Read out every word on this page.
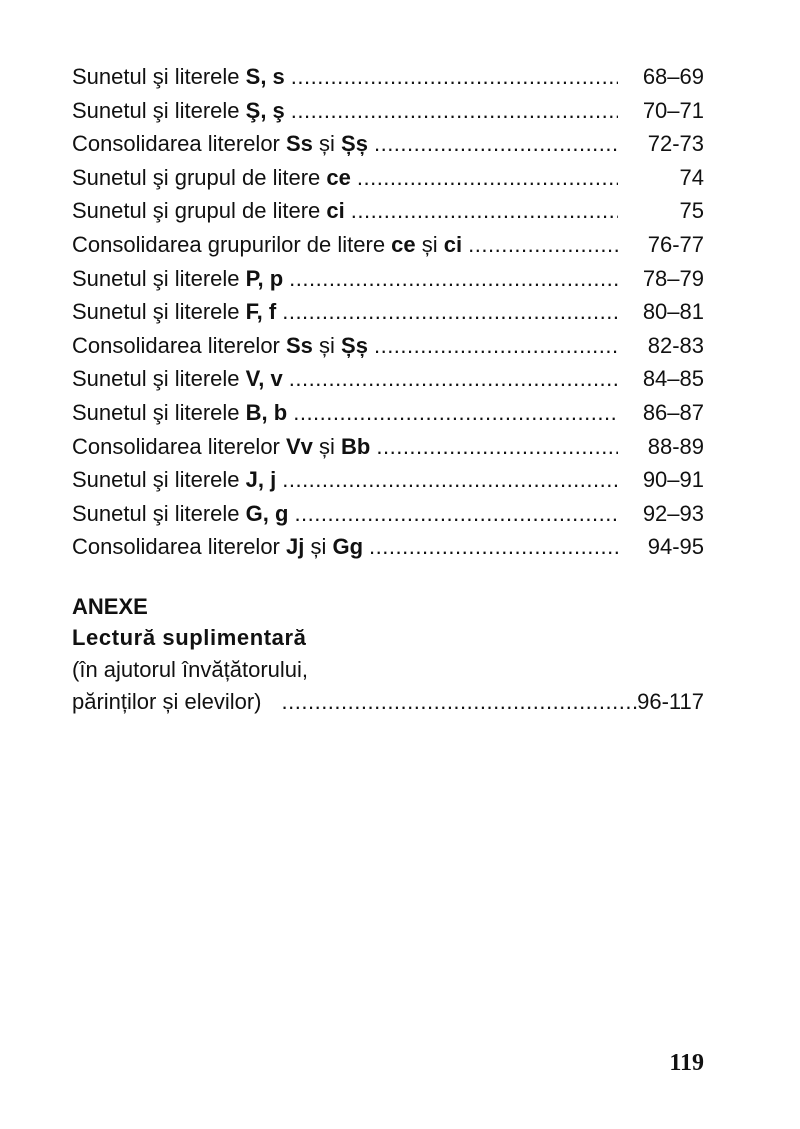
Sunetul şi literele S, s .....	68–69
Sunetul şi literele Ş, ş .....	70–71
Consolidarea literelor Ss și Șș .....	72-73
Sunetul şi grupul de litere ce .....	74
Sunetul şi grupul de litere ci .....	75
Consolidarea grupurilor de litere ce și ci .....	76-77
Sunetul şi literele P, p .....	78–79
Sunetul şi literele F, f .....	80–81
Consolidarea literelor Ss și Șș .....	82-83
Sunetul şi literele V, v .....	84–85
Sunetul şi literele B, b .....	86–87
Consolidarea literelor Vv și Bb .....	88-89
Sunetul şi literele J, j .....	90–91
Sunetul şi literele G, g .....	92–93
Consolidarea literelor Jj și Gg .....	94-95
ANEXE
Lectură suplimentară
(în ajutorul învățătorului,
părinților și elevilor) .....	96-117
119
